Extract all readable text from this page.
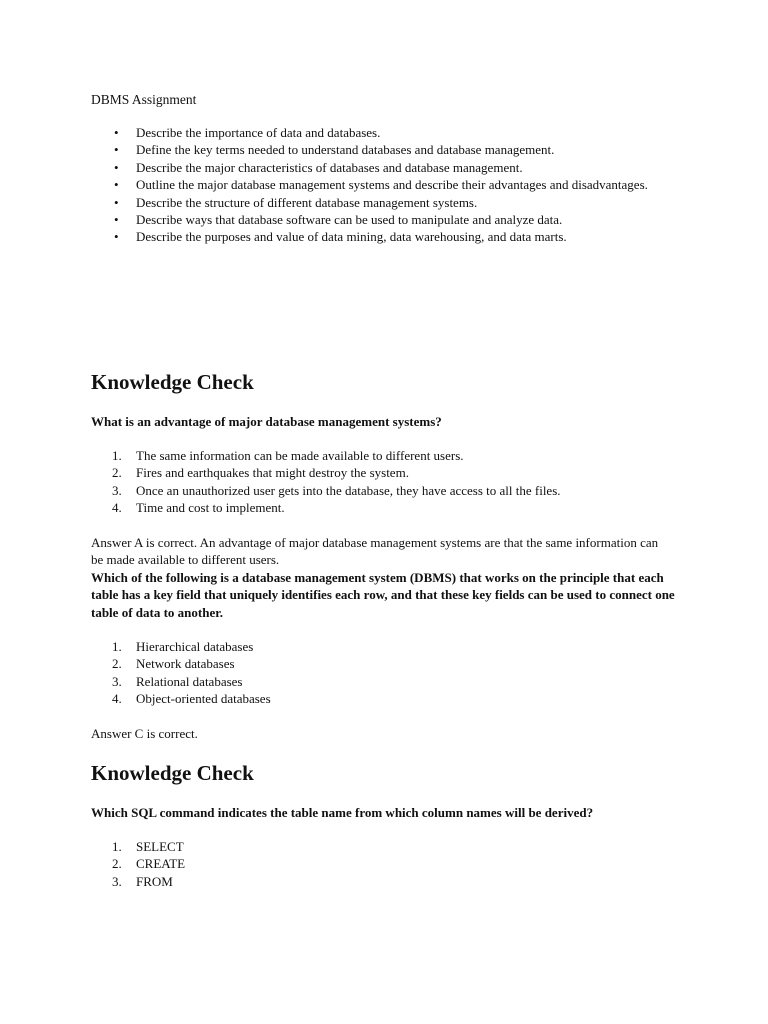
DBMS Assignment
• Describe the importance of data and databases.
• Define the key terms needed to understand databases and database management.
• Describe the major characteristics of databases and database management.
• Outline the major database management systems and describe their advantages and disadvantages.
• Describe the structure of different database management systems.
• Describe ways that database software can be used to manipulate and analyze data.
• Describe the purposes and value of data mining, data warehousing, and data marts.
Knowledge Check
What is an advantage of major database management systems?
1. The same information can be made available to different users.
2. Fires and earthquakes that might destroy the system.
3. Once an unauthorized user gets into the database, they have access to all the files.
4. Time and cost to implement.
Answer A is correct. An advantage of major database management systems are that the same information can be made available to different users.
Which of the following is a database management system (DBMS) that works on the principle that each table has a key field that uniquely identifies each row, and that these key fields can be used to connect one table of data to another.
1. Hierarchical databases
2. Network databases
3. Relational databases
4. Object-oriented databases
Answer C is correct.
Knowledge Check
Which SQL command indicates the table name from which column names will be derived?
1. SELECT
2. CREATE
3. FROM
